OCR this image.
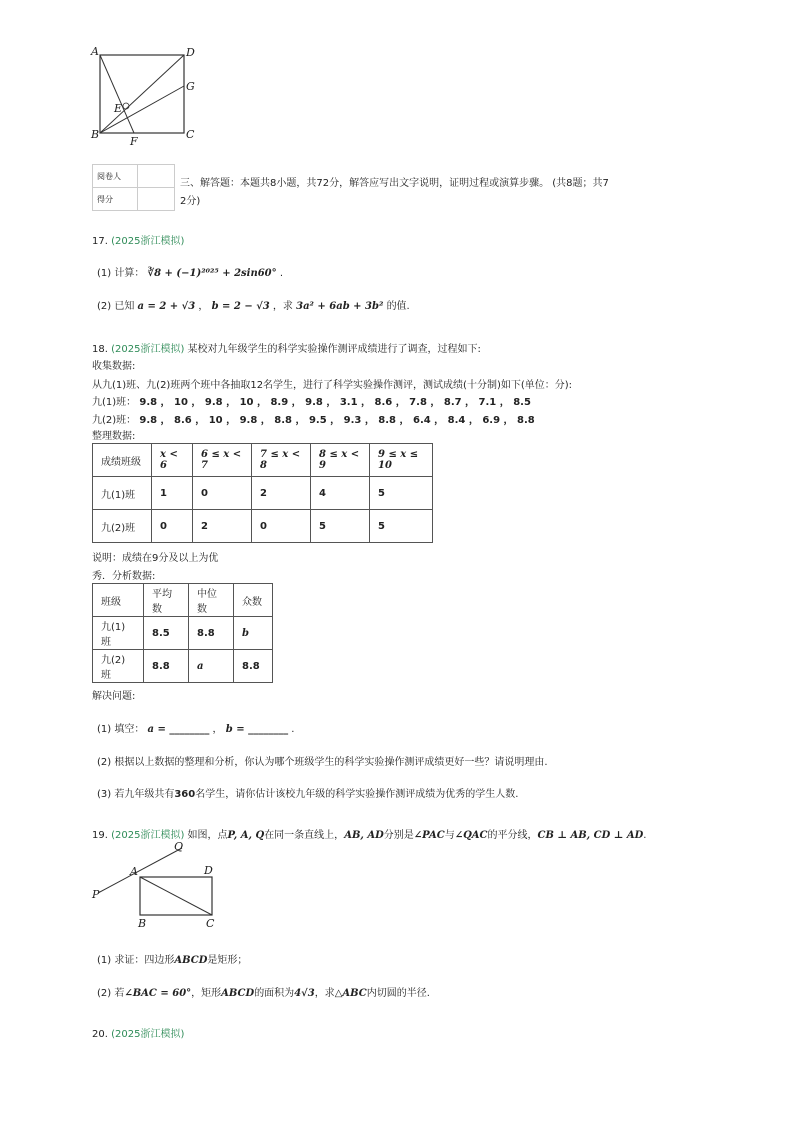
A	D
G
E
B
F
C
阅卷人	
得分	
三、解答题：本题共8小题，共72分，解答应写出文字说明，证明过程或演算步骤。 (共8题；共7
2分)
17. (2025浙江模拟)
(1) 计算： ∛8 + (−1)²⁰²⁵ + 2sin60° .
(2) 已知 a = 2 + √3 ， b = 2 − √3 ，求 3a² + 6ab + 3b² 的值.
18. (2025浙江模拟) 某校对九年级学生的科学实验操作测评成绩进行了调查，过程如下:
收集数据:
从九(1)班、九(2)班两个班中各抽取12名学生，进行了科学实验操作测评，测试成绩(十分制)如下(单位：分):
九(1)班： 9.8 ， 10 ， 9.8 ， 10 ， 8.9 ， 9.8 ， 3.1 ， 8.6 ， 7.8 ， 8.7 ， 7.1 ， 8.5
九(2)班： 9.8 ， 8.6 ， 10 ， 9.8 ， 8.8 ， 9.5 ， 9.3 ， 8.8 ， 6.4 ， 8.4 ， 6.9 ， 8.8
整理数据:
成绩班级	x < 6	6 ≤ x < 7	7 ≤ x < 8	8 ≤ x < 9	9 ≤ x ≤ 10
九(1)班	1	0	2	4	5
九(2)班	0	2	0	5	5
说明：成绩在9分及以上为优
秀．分析数据:
班级	平均数	中位数	众数
九(1)班	8.5	8.8	b
九(2)班	8.8	a	8.8
解决问题:
(1) 填空： a = ________ ， b = ________ .
(2) 根据以上数据的整理和分析，你认为哪个班级学生的科学实验操作测评成绩更好一些？请说明理由.
(3) 若九年级共有360名学生，请你估计该校九年级的科学实验操作测评成绩为优秀的学生人数.
19. (2025浙江模拟) 如图，点P, A, Q在同一条直线上，AB, AD分别是∠PAC与∠QAC的平分线，CB ⊥ AB, CD ⊥ AD.
Q
A	D
P
B	C
(1) 求证：四边形ABCD是矩形；
(2) 若∠BAC = 60°，矩形ABCD的面积为4√3，求△ABC内切圆的半径.
20. (2025浙江模拟)
